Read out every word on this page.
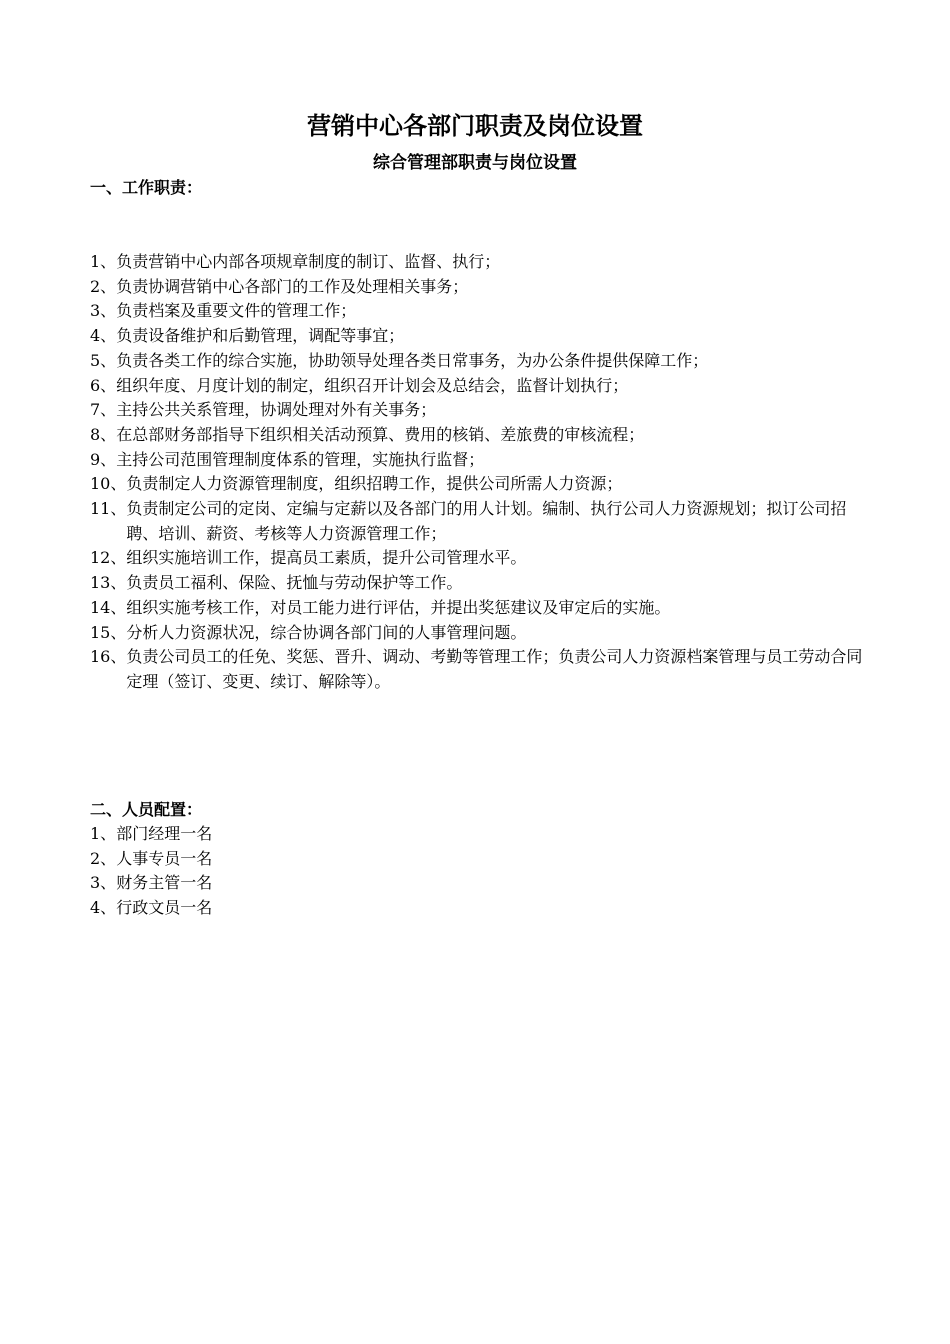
营销中心各部门职责及岗位设置
综合管理部职责与岗位设置
一、工作职责：
1、 负责营销中心内部各项规章制度的制订、监督、执行；
2、 负责协调营销中心各部门的工作及处理相关事务；
3、 负责档案及重要文件的管理工作；
4、 负责设备维护和后勤管理，调配等事宜；
5、 负责各类工作的综合实施，协助领导处理各类日常事务，为办公条件提供保障工作；
6、 组织年度、月度计划的制定，组织召开计划会及总结会，监督计划执行；
7、 主持公共关系管理，协调处理对外有关事务；
8、 在总部财务部指导下组织相关活动预算、费用的核销、差旅费的审核流程；
9、 主持公司范围管理制度体系的管理，实施执行监督；
10、 负责制定人力资源管理制度，组织招聘工作，提供公司所需人力资源；
11、 负责制定公司的定岗、定编与定薪以及各部门的用人计划。编制、执行公司人力资源规划；拟订公司招聘、培训、薪资、考核等人力资源管理工作；
12、 组织实施培训工作，提高员工素质，提升公司管理水平。
13、 负责员工福利、保险、抚恤与劳动保护等工作。
14、 组织实施考核工作，对员工能力进行评估，并提出奖惩建议及审定后的实施。
15、 分析人力资源状况，综合协调各部门间的人事管理问题。
16、 负责公司员工的任免、奖惩、晋升、调动、考勤等管理工作；负责公司人力资源档案管理与员工劳动合同定理（签订、变更、续订、解除等）。
二、人员配置：
1、 部门经理一名
2、 人事专员一名
3、 财务主管一名
4、 行政文员一名
